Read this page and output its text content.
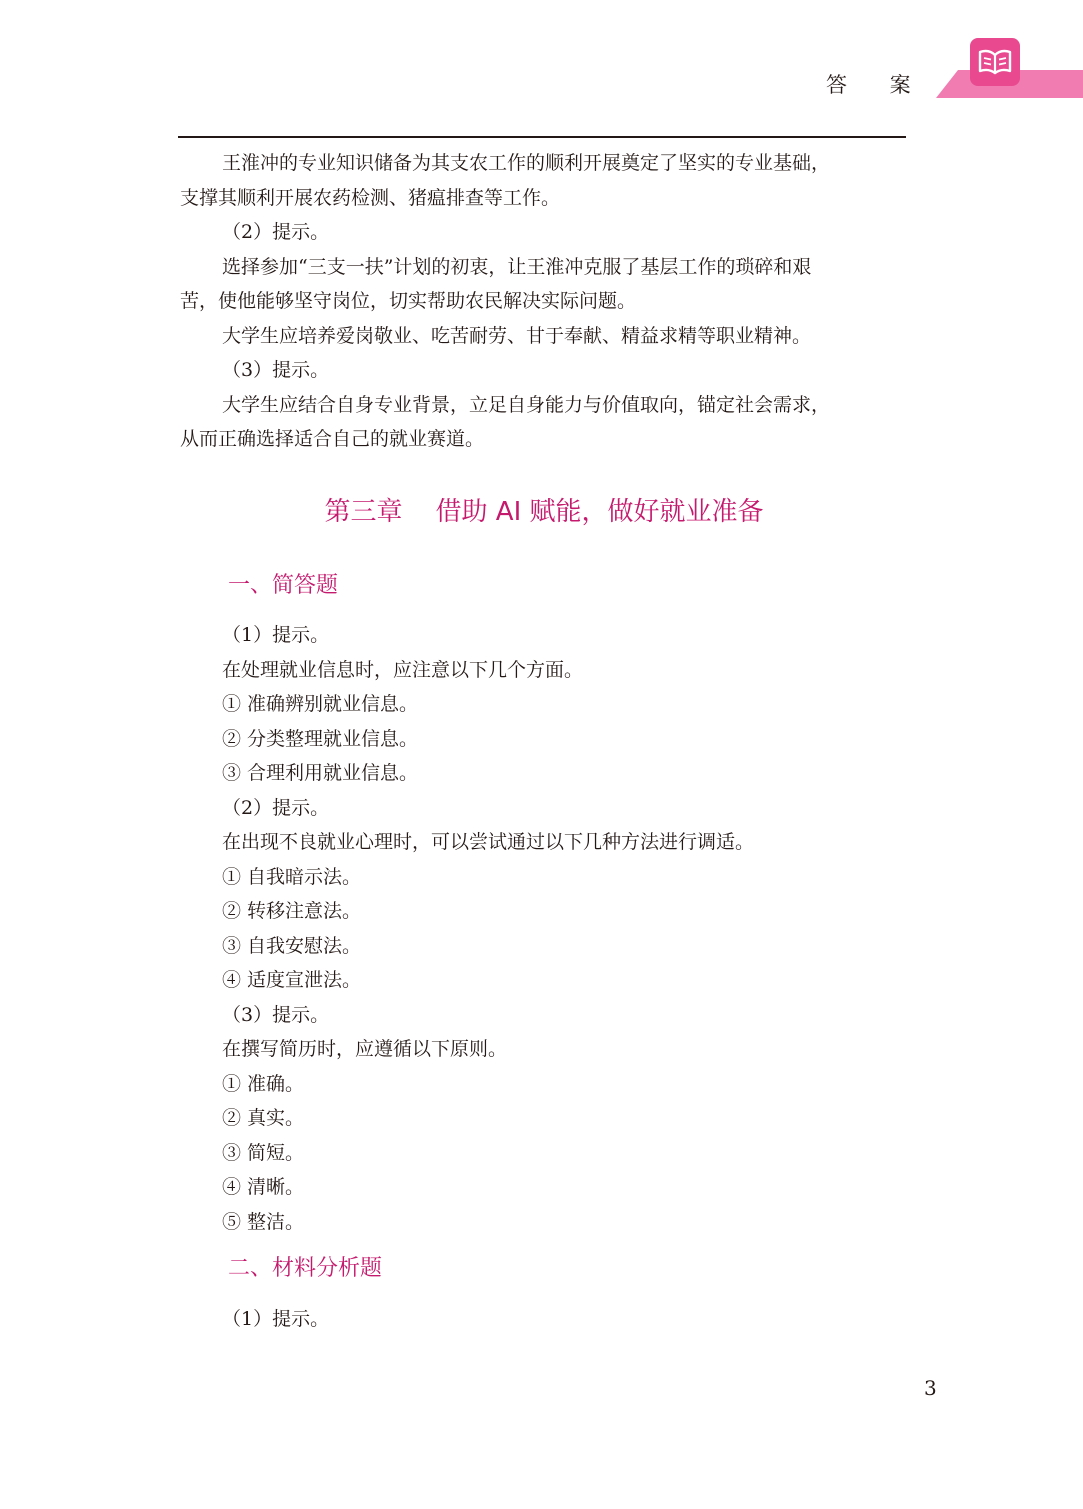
答 案

王淮冲的专业知识储备为其支农工作的顺利开展奠定了坚实的专业基础，

支撑其顺利开展农药检测、猪瘟排查等工作。

（2）提示。

选择参加“三支一扶”计划的初衷，让王淮冲克服了基层工作的琐碎和艰

苦，使他能够坚守岗位，切实帮助农民解决实际问题。

大学生应培养爱岗敬业、吃苦耐劳、甘于奉献、精益求精等职业精神。

（3）提示。

大学生应结合自身专业背景，立足自身能力与价值取向，锚定社会需求，

从而正确选择适合自己的就业赛道。

第三章    借助 AI 赋能，做好就业准备
一、简答题

（1）提示。

在处理就业信息时，应注意以下几个方面。

① 准确辨别就业信息。

② 分类整理就业信息。

③ 合理利用就业信息。

（2）提示。

在出现不良就业心理时，可以尝试通过以下几种方法进行调适。

① 自我暗示法。

② 转移注意法。

③ 自我安慰法。

④ 适度宣泄法。

（3）提示。

在撰写简历时，应遵循以下原则。

① 准确。

② 真实。

③ 简短。

④ 清晰。

⑤ 整洁。

二、材料分析题

（1）提示。

3
